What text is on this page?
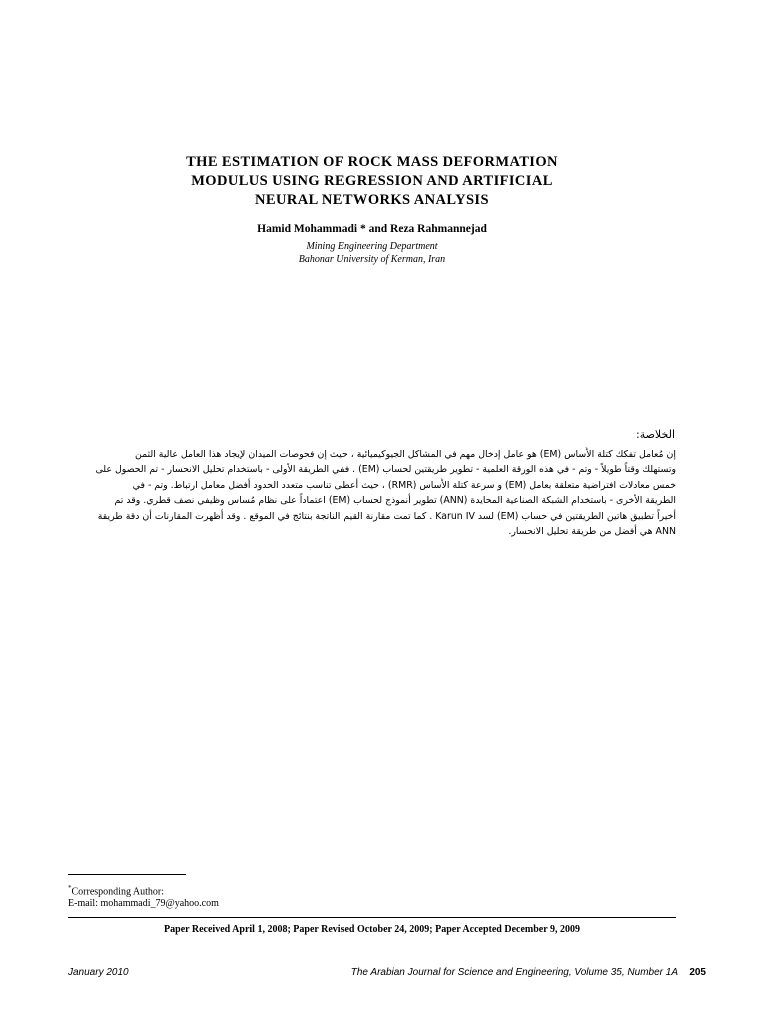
THE ESTIMATION OF ROCK MASS DEFORMATION
MODULUS USING REGRESSION AND ARTIFICIAL
NEURAL NETWORKS ANALYSIS
Hamid Mohammadi * and Reza Rahmannejad
Mining Engineering Department
Bahonar University of Kerman, Iran
الخلاصة:
إن مُعامل تفكك كتلة الأُساس (EM) هو عامل إدخال مهم في المشاكل الجيوكيميائية ، حيث إن فحوصات الميدان لإيجاد هذا العامل عالية الثمن
وتستهلك وقتاً طويلاً - وتم - في هذه الورقة العلمية - تطوير طريقتين لحساب (EM) . ففي الطريقة الأولى - باستخدام تحليل الانحسار - تم الحصول على
خمس معادلات افتراضية متعلقة بعامل (EM) و سرعة كتلة الأُساس (RMR) ، حيث أعطى تناسب متعدد الحدود أفضل معامل ارتباط. وتم - في
الطريقة الأخرى - باستخدام الشبكة الصناعية المحايدة (ANN) تطوير أنموذج لحساب (EM) اعتماداً على نظام مُساس وظيفي نصف قطري. وقد تم
أخيراً تطبيق هاتين الطريقتين في حساب (EM) لسد Karun IV . كما تمت مقارنة القيم الناتجة بنتائج في الموقع . وقد أظهرت المقارنات أن دقة طريقة
ANN هي أفضل من طريقة تحليل الانحسار.
*Corresponding Author:
E-mail: mohammadi_79@yahoo.com
Paper Received April 1, 2008; Paper Revised October 24, 2009; Paper Accepted December 9, 2009
January 2010	The Arabian Journal for Science and Engineering, Volume 35, Number 1A 205
